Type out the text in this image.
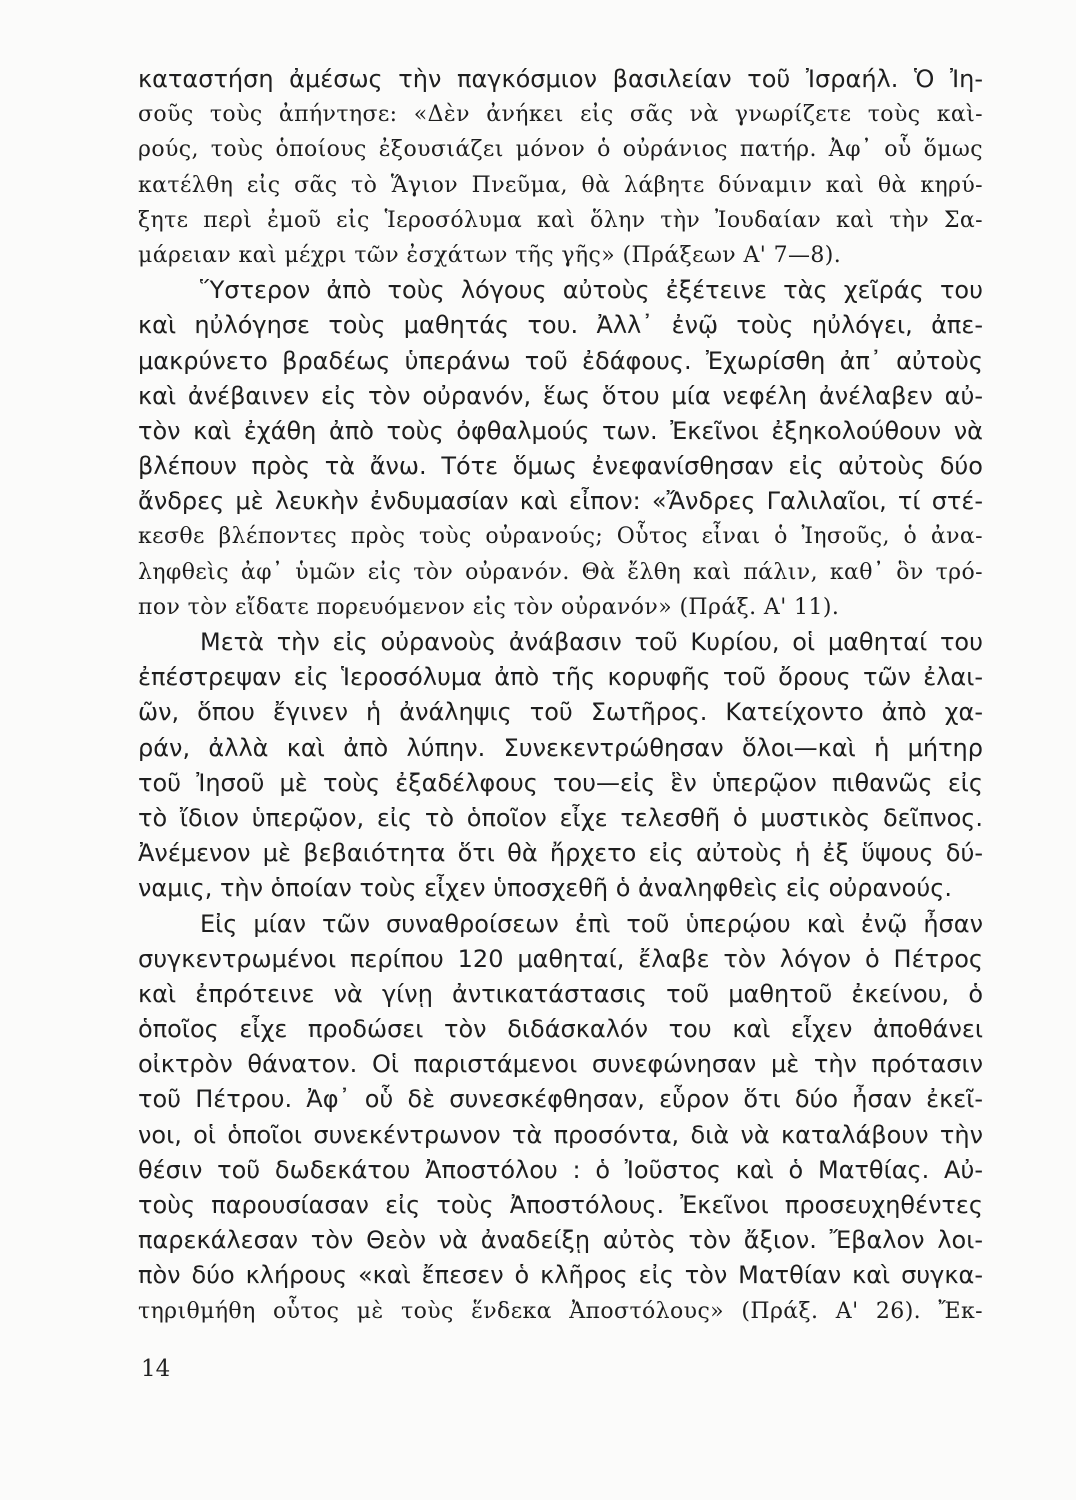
καταστήση ἀμέσως τὴν παγκόσμιον βασιλείαν τοῦ Ἰσραήλ. Ὁ Ἰη-
σοῦς τοὺς ἀπήντησε: «Δὲν ἀνήκει εἰς σᾶς νὰ γνωρίζετε τοὺς καὶ-
ρούς, τοὺς ὁποίους ἐξουσιάζει μόνον ὁ οὐράνιος πατήρ. Ἀφ᾽ οὗ ὅμως
κατέλθη εἰς σᾶς τὸ Ἅγιον Πνεῦμα, θὰ λάβητε δύναμιν καὶ θὰ κηρύ-
ξητε περὶ ἐμοῦ εἰς Ἱεροσόλυμα καὶ ὅλην τὴν Ἰουδαίαν καὶ τὴν Σα-
μάρειαν καὶ μέχρι τῶν ἐσχάτων τῆς γῆς» (Πράξεων Α' 7—8).
Ὕστερον ἀπὸ τοὺς λόγους αὐτοὺς ἐξέτεινε τὰς χεῖράς του
καὶ ηὐλόγησε τοὺς μαθητάς του. Ἀλλ᾽ ἐνῷ τοὺς ηὐλόγει, ἀπε-
μακρύνετο βραδέως ὑπεράνω τοῦ ἐδάφους. Ἐχωρίσθη ἀπ᾽ αὐτοὺς
καὶ ἀνέβαινεν εἰς τὸν οὐρανόν, ἕως ὅτου μία νεφέλη ἀνέλαβεν αὐ-
τὸν καὶ ἐχάθη ἀπὸ τοὺς ὀφθαλμούς των. Ἐκεῖνοι ἐξηκολούθουν νὰ
βλέπουν πρὸς τὰ ἄνω. Τότε ὅμως ἐνεφανίσθησαν εἰς αὐτοὺς δύο
ἄνδρες μὲ λευκὴν ἐνδυμασίαν καὶ εἶπον: «Ἄνδρες Γαλιλαῖοι, τί στέ-
κεσθε βλέποντες πρὸς τοὺς οὐρανούς; Οὗτος εἶναι ὁ Ἰησοῦς, ὁ ἀνα-
ληφθεὶς ἀφ᾽ ὑμῶν εἰς τὸν οὐρανόν. Θὰ ἔλθη καὶ πάλιν, καθ᾽ ὃν τρό-
πον τὸν εἴδατε πορευόμενον εἰς τὸν οὐρανόν» (Πράξ. Α' 11).
Μετὰ τὴν εἰς οὐρανοὺς ἀνάβασιν τοῦ Κυρίου, οἱ μαθηταί του
ἐπέστρεψαν εἰς Ἱεροσόλυμα ἀπὸ τῆς κορυφῆς τοῦ ὄρους τῶν ἐλαι-
ῶν, ὅπου ἔγινεν ἡ ἀνάληψις τοῦ Σωτῆρος. Κατείχοντο ἀπὸ χα-
ράν, ἀλλὰ καὶ ἀπὸ λύπην. Συνεκεντρώθησαν ὅλοι—καὶ ἡ μήτηρ
τοῦ Ἰησοῦ μὲ τοὺς ἐξαδέλφους του—εἰς ἓν ὑπερῷον πιθανῶς εἰς
τὸ ἴδιον ὑπερῷον, εἰς τὸ ὁποῖον εἶχε τελεσθῆ ὁ μυστικὸς δεῖπνος.
Ἀνέμενον μὲ βεβαιότητα ὅτι θὰ ἤρχετο εἰς αὐτοὺς ἡ ἐξ ὕψους δύ-
ναμις, τὴν ὁποίαν τοὺς εἶχεν ὑποσχεθῆ ὁ ἀναληφθεὶς εἰς οὐρανούς.
Εἰς μίαν τῶν συναθροίσεων ἐπὶ τοῦ ὑπερῴου καὶ ἐνῷ ἦσαν
συγκεντρωμένοι περίπου 120 μαθηταί, ἔλαβε τὸν λόγον ὁ Πέτρος
καὶ ἐπρότεινε νὰ γίνῃ ἀντικατάστασις τοῦ μαθητοῦ ἐκείνου, ὁ
ὁποῖος εἶχε προδώσει τὸν διδάσκαλόν του καὶ εἶχεν ἀποθάνει
οἰκτρὸν θάνατον. Οἱ παριστάμενοι συνεφώνησαν μὲ τὴν πρότασιν
τοῦ Πέτρου. Ἀφ᾽ οὗ δὲ συνεσκέφθησαν, εὗρον ὅτι δύο ἦσαν ἐκεῖ-
νοι, οἱ ὁποῖοι συνεκέντρωνον τὰ προσόντα, διὰ νὰ καταλάβουν τὴν
θέσιν τοῦ δωδεκάτου Ἀποστόλου : ὁ Ἰοῦστος καὶ ὁ Ματθίας. Αὐ-
τοὺς παρουσίασαν εἰς τοὺς Ἀποστόλους. Ἐκεῖνοι προσευχηθέντες
παρεκάλεσαν τὸν Θεὸν νὰ ἀναδείξῃ αὐτὸς τὸν ἄξιον. Ἔβαλον λοι-
πὸν δύο κλήρους «καὶ ἔπεσεν ὁ κλῆρος εἰς τὸν Ματθίαν καὶ συγκα-
τηριθμήθη οὗτος μὲ τοὺς ἕνδεκα Ἀποστόλους» (Πράξ. Α' 26). Ἔκ-
14
